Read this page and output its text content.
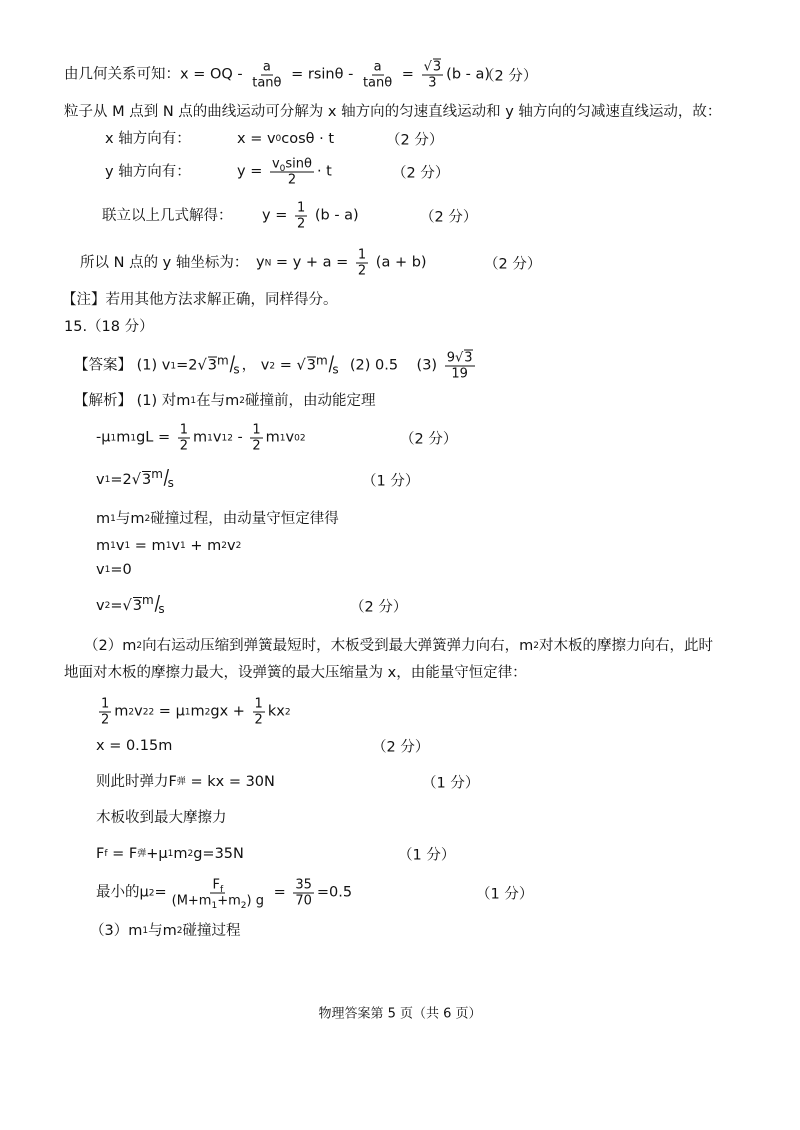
由几何关系可知：x = OQ - $\frac{a}{\tan\theta} = rsin\theta - \frac{a}{\tan\theta} = \frac{√3}{3} (b - a)$
（2 分）
粒子从 M 点到 N 点的曲线运动可分解为 x 轴方向的匀速直线运动和 y 轴方向的匀减速直线运动，故：
x 轴方向有：	x = v 0 cosθ · t	（2 分）
y 轴方向有：	$y = \frac{v_0\sin\theta}{2} \cdot t$	（2 分）
联立以上几式解得： $y = \frac{1}{2} (b - a)$	（2 分）
所以 N 点的 y 轴坐标为： y $N = y + a = \frac{1}{2} (a + b)$	（2 分）
【注】若用其他方法求解正确，同样得分。
15.（18 分）
【答案】 (1) v 1 =2 √3 m /
s ， v 2 = √3 m /
s (2) 0.5    $(3) \frac{9√3}{19}$
【解析】 (1) 对m 1 在与m 2 碰撞前，由动能定理
-μ 1 m 1 gL = $\frac{1}{2}$ m 1 v 1 $2 - \frac{1}{2}$ m 1 v 0 2	（2 分）
v 1 =2 √3 m /
s	（1 分）
m 1 与m 2 碰撞过程，由动量守恒定律得
m 1 v 1 = m 1 v 1 + m 2 v 2
v 1 =0
v 2 = √3 m /
s	（2 分）
（2）m 2 向右运动压缩到弹簧最短时，木板受到最大弹簧弹力向右，m 2 对木板的摩擦力向右，此时
地面对木板的摩擦力最大，设弹簧的最大压缩量为 x，由能量守恒定律：
$\frac{1}{2}$ m 2 v 2 2 = μ 1 m 2 gx + $\frac{1}{2}$ kx 2
x = 0.15m	（2 分）
则此时弹力F 弹 = kx = 30N	（1 分）
木板收到最大摩擦力
F f = F 弹 +μ 1 m 2 g=35N	（1 分）
最小的μ $2 = \frac{F_f}{(M+m_1+m_2) g} = \frac{35}{70} =0.5$	（1 分）
（3）m 1 与m 2 碰撞过程
物理答案第 5 页（共 6 页）
